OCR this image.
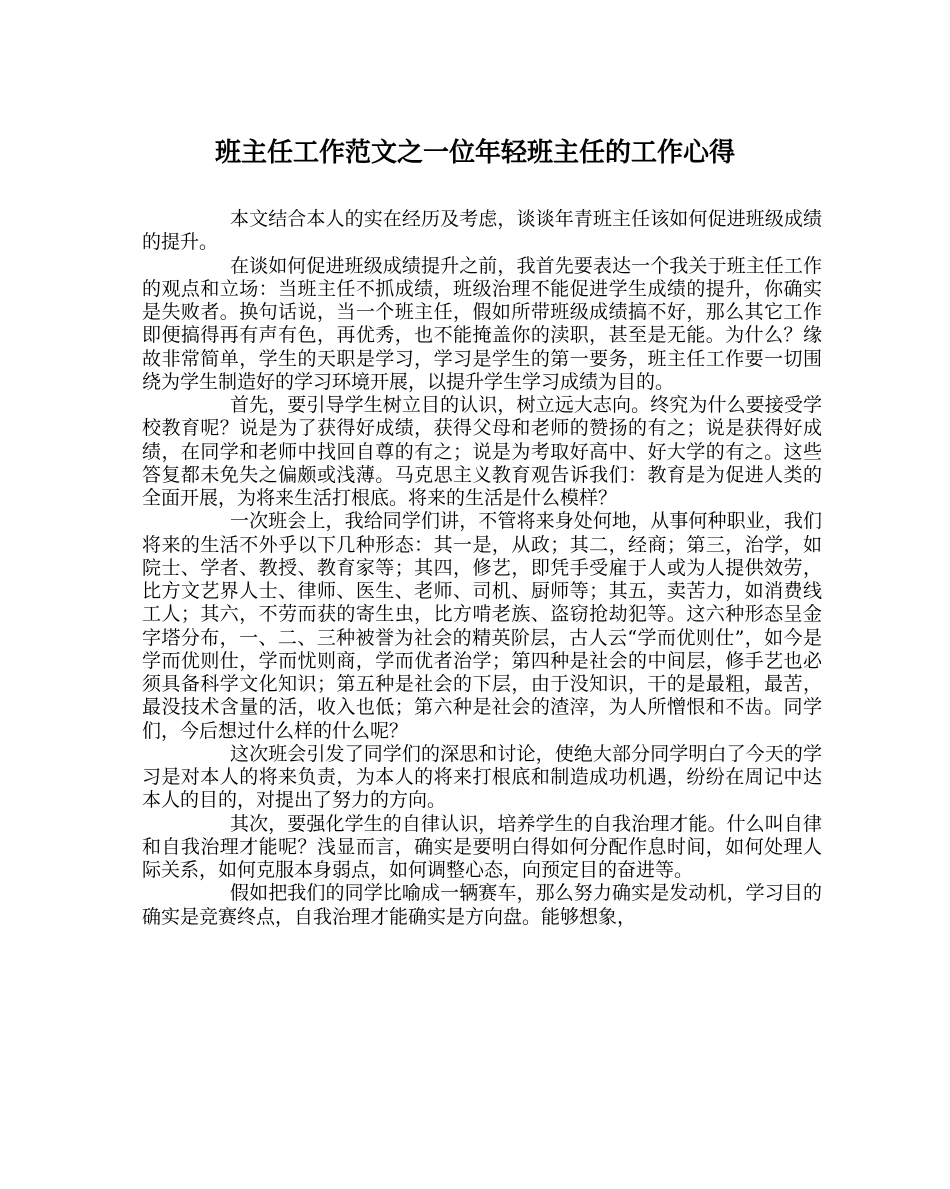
班主任工作范文之一位年轻班主任的工作心得

本文结合本人的实在经历及考虑，谈谈年青班主任该如何促进班级成绩的提升。

在谈如何促进班级成绩提升之前，我首先要表达一个我关于班主任工作的观点和立场：当班主任不抓成绩，班级治理不能促进学生成绩的提升，你确实是失败者。换句话说，当一个班主任，假如所带班级成绩搞不好，那么其它工作即便搞得再有声有色，再优秀，也不能掩盖你的渎职，甚至是无能。为什么？缘故非常简单，学生的天职是学习，学习是学生的第一要务，班主任工作要一切围绕为学生制造好的学习环境开展，以提升学生学习成绩为目的。

首先，要引导学生树立目的认识，树立远大志向。终究为什么要接受学校教育呢？说是为了获得好成绩，获得父母和老师的赞扬的有之；说是获得好成绩，在同学和老师中找回自尊的有之；说是为考取好高中、好大学的有之。这些答复都未免失之偏颇或浅薄。马克思主义教育观告诉我们：教育是为促进人类的全面开展，为将来生活打根底。将来的生活是什么模样？

一次班会上，我给同学们讲，不管将来身处何地，从事何种职业，我们将来的生活不外乎以下几种形态：其一是，从政；其二，经商；第三，治学，如院士、学者、教授、教育家等；其四，修艺，即凭手受雇于人或为人提供效劳，比方文艺界人士、律师、医生、老师、司机、厨师等；其五，卖苦力，如消费线工人；其六，不劳而获的寄生虫，比方啃老族、盗窃抢劫犯等。这六种形态呈金字塔分布，一、二、三种被誉为社会的精英阶层，古人云“学而优则仕”，如今是学而优则仕，学而忧则商，学而优者治学；第四种是社会的中间层，修手艺也必须具备科学文化知识；第五种是社会的下层，由于没知识，干的是最粗，最苦，最没技术含量的活，收入也低；第六种是社会的渣滓，为人所憎恨和不齿。同学们，今后想过什么样的什么呢？

这次班会引发了同学们的深思和讨论，使绝大部分同学明白了今天的学习是对本人的将来负责，为本人的将来打根底和制造成功机遇，纷纷在周记中达本人的目的，对提出了努力的方向。

其次，要强化学生的自律认识，培养学生的自我治理才能。什么叫自律和自我治理才能呢？浅显而言，确实是要明白得如何分配作息时间，如何处理人际关系，如何克服本身弱点，如何调整心态，向预定目的奋进等。

假如把我们的同学比喻成一辆赛车，那么努力确实是发动机，学习目的确实是竞赛终点，自我治理才能确实是方向盘。能够想象，
